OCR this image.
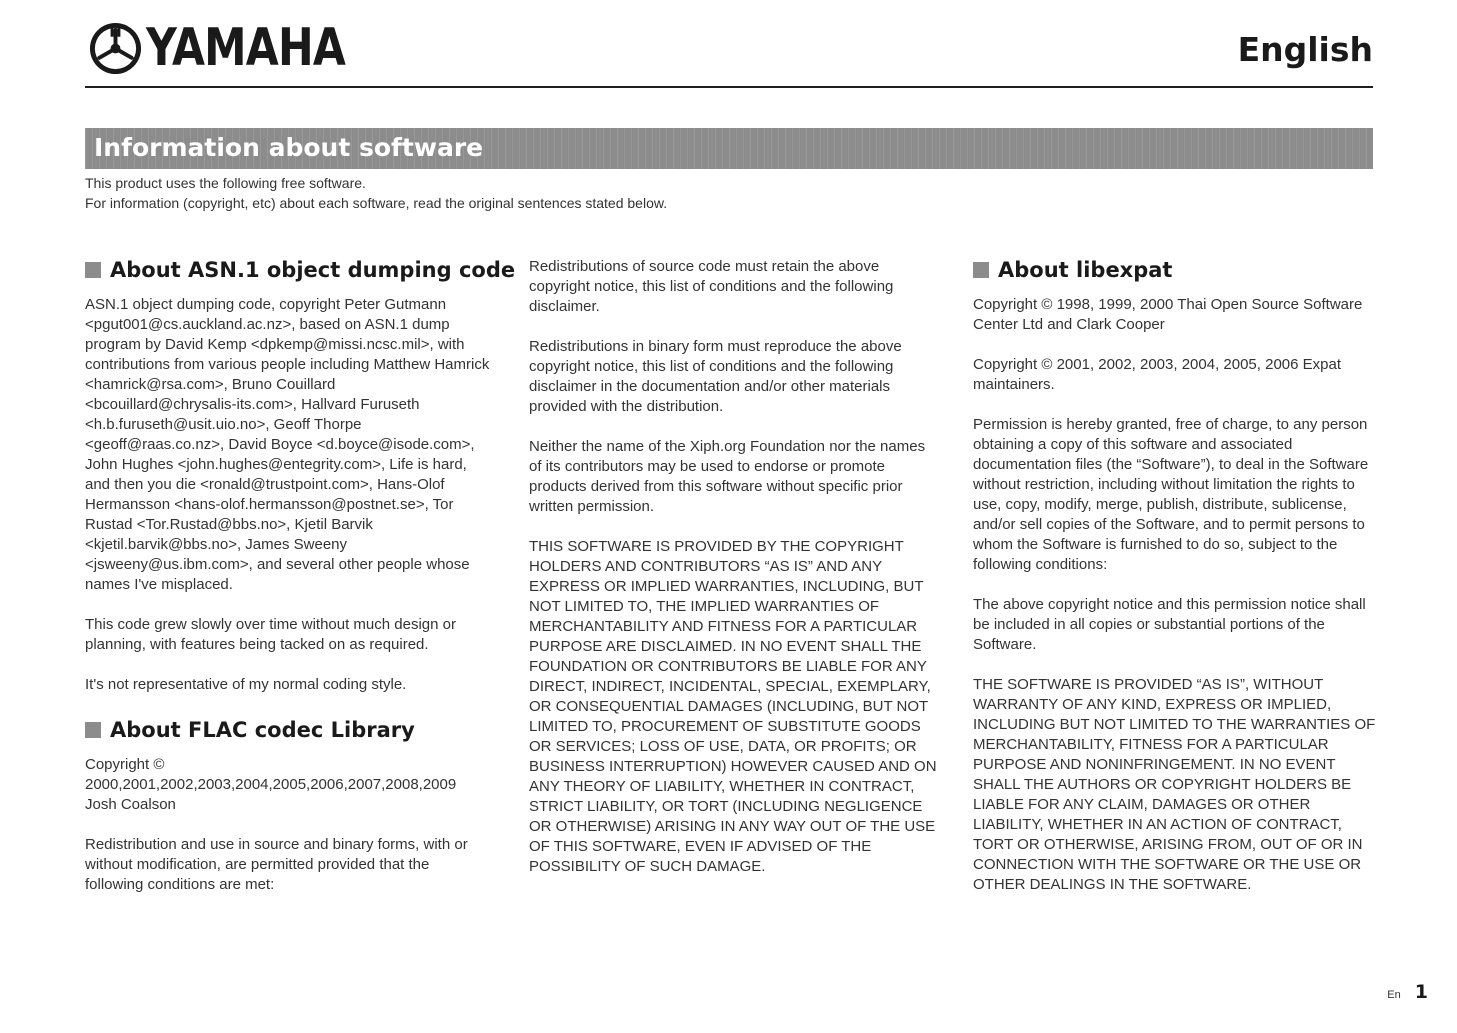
YAMAHA	English
Information about software

This product uses the following free software.

For information (copyright, etc) about each software, read the original sentences stated below.

About ASN.1 object dumping code

ASN.1 object dumping code, copyright Peter Gutmann <pgut001@cs.auckland.ac.nz>, based on ASN.1 dump program by David Kemp <dpkemp@missi.ncsc.mil>, with contributions from various people including Matthew Hamrick <hamrick@rsa.com>, Bruno Couillard <bcouillard@chrysalis-its.com>, Hallvard Furuseth <h.b.furuseth@usit.uio.no>, Geoff Thorpe <geoff@raas.co.nz>, David Boyce <d.boyce@isode.com>, John Hughes <john.hughes@entegrity.com>, Life is hard, and then you die <ronald@trustpoint.com>, Hans-Olof Hermansson <hans-olof.hermansson@postnet.se>, Tor Rustad <Tor.Rustad@bbs.no>, Kjetil Barvik <kjetil.barvik@bbs.no>, James Sweeny <jsweeny@us.ibm.com>, and several other people whose names I've misplaced.

This code grew slowly over time without much design or planning, with features being tacked on as required.

It's not representative of my normal coding style.

About FLAC codec Library

Copyright © 2000,2001,2002,2003,2004,2005,2006,2007,2008,2009 Josh Coalson

Redistribution and use in source and binary forms, with or without modification, are permitted provided that the following conditions are met:

Redistributions of source code must retain the above copyright notice, this list of conditions and the following disclaimer.

Redistributions in binary form must reproduce the above copyright notice, this list of conditions and the following disclaimer in the documentation and/or other materials provided with the distribution.

Neither the name of the Xiph.org Foundation nor the names of its contributors may be used to endorse or promote products derived from this software without specific prior written permission.

THIS SOFTWARE IS PROVIDED BY THE COPYRIGHT HOLDERS AND CONTRIBUTORS “AS IS” AND ANY EXPRESS OR IMPLIED WARRANTIES, INCLUDING, BUT NOT LIMITED TO, THE IMPLIED WARRANTIES OF MERCHANTABILITY AND FITNESS FOR A PARTICULAR PURPOSE ARE DISCLAIMED. IN NO EVENT SHALL THE FOUNDATION OR CONTRIBUTORS BE LIABLE FOR ANY DIRECT, INDIRECT, INCIDENTAL, SPECIAL, EXEMPLARY, OR CONSEQUENTIAL DAMAGES (INCLUDING, BUT NOT LIMITED TO, PROCUREMENT OF SUBSTITUTE GOODS OR SERVICES; LOSS OF USE, DATA, OR PROFITS; OR BUSINESS INTERRUPTION) HOWEVER CAUSED AND ON ANY THEORY OF LIABILITY, WHETHER IN CONTRACT, STRICT LIABILITY, OR TORT (INCLUDING NEGLIGENCE OR OTHERWISE) ARISING IN ANY WAY OUT OF THE USE OF THIS SOFTWARE, EVEN IF ADVISED OF THE POSSIBILITY OF SUCH DAMAGE.

About libexpat

Copyright © 1998, 1999, 2000 Thai Open Source Software Center Ltd and Clark Cooper

Copyright © 2001, 2002, 2003, 2004, 2005, 2006 Expat maintainers.

Permission is hereby granted, free of charge, to any person obtaining a copy of this software and associated documentation files (the “Software”), to deal in the Software without restriction, including without limitation the rights to use, copy, modify, merge, publish, distribute, sublicense, and/or sell copies of the Software, and to permit persons to whom the Software is furnished to do so, subject to the following conditions:

The above copyright notice and this permission notice shall be included in all copies or substantial portions of the Software.

THE SOFTWARE IS PROVIDED “AS IS”, WITHOUT WARRANTY OF ANY KIND, EXPRESS OR IMPLIED, INCLUDING BUT NOT LIMITED TO THE WARRANTIES OF MERCHANTABILITY, FITNESS FOR A PARTICULAR PURPOSE AND NONINFRINGEMENT. IN NO EVENT SHALL THE AUTHORS OR COPYRIGHT HOLDERS BE LIABLE FOR ANY CLAIM, DAMAGES OR OTHER LIABILITY, WHETHER IN AN ACTION OF CONTRACT, TORT OR OTHERWISE, ARISING FROM, OUT OF OR IN CONNECTION WITH THE SOFTWARE OR THE USE OR OTHER DEALINGS IN THE SOFTWARE.

En 1
